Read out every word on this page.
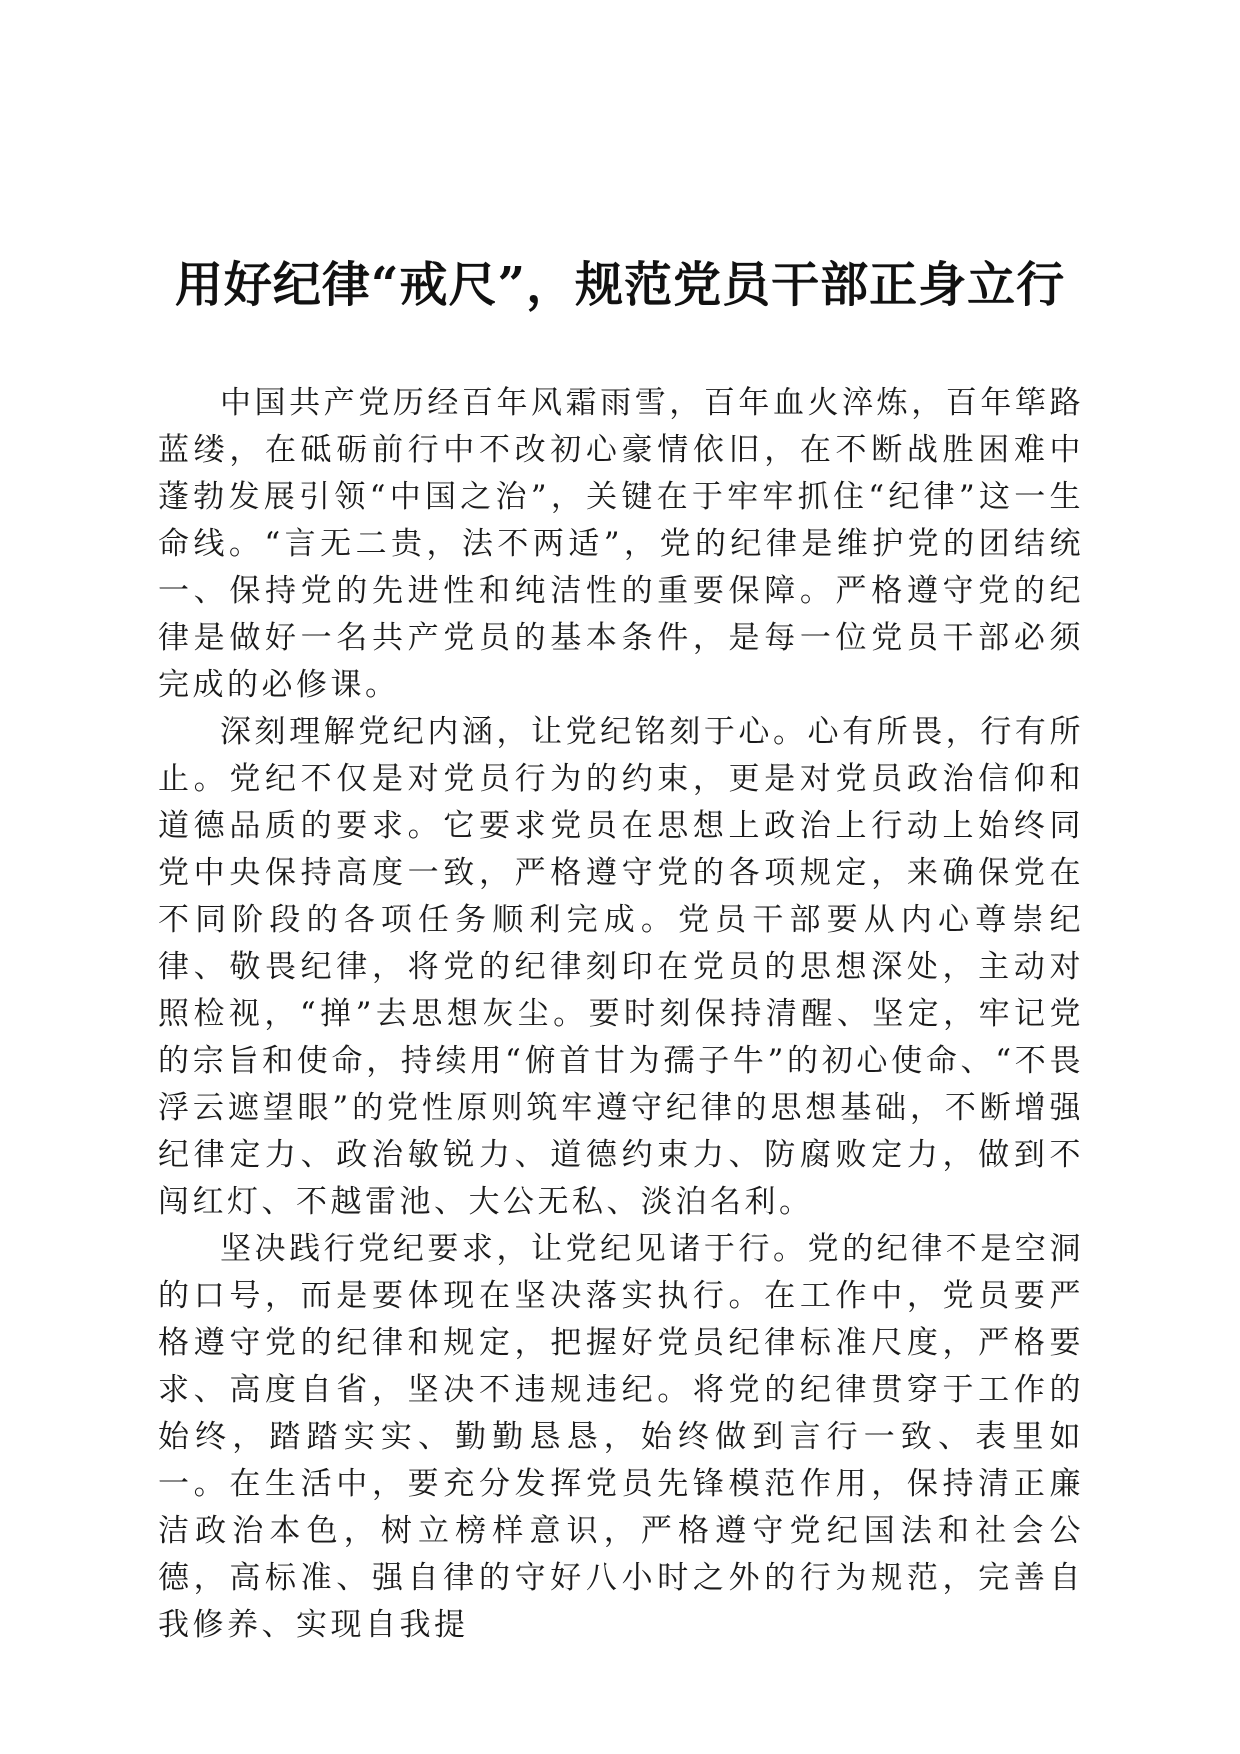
用好纪律“戒尺”，规范党员干部正身立行

中国共产党历经百年风霜雨雪，百年血火淬炼，百年筚路蓝缕，在砥砺前行中不改初心豪情依旧，在不断战胜困难中蓬勃发展引领“中国之治”，关键在于牢牢抓住“纪律”这一生命线。“言无二贵，法不两适”，党的纪律是维护党的团结统一、保持党的先进性和纯洁性的重要保障。严格遵守党的纪律是做好一名共产党员的基本条件，是每一位党员干部必须完成的必修课。

深刻理解党纪内涵，让党纪铭刻于心。心有所畏，行有所止。党纪不仅是对党员行为的约束，更是对党员政治信仰和道德品质的要求。它要求党员在思想上政治上行动上始终同党中央保持高度一致，严格遵守党的各项规定，来确保党在不同阶段的各项任务顺利完成。党员干部要从内心尊崇纪律、敬畏纪律，将党的纪律刻印在党员的思想深处，主动对照检视，“掸”去思想灰尘。要时刻保持清醒、坚定，牢记党的宗旨和使命，持续用“俯首甘为孺子牛”的初心使命、“不畏浮云遮望眼”的党性原则筑牢遵守纪律的思想基础，不断增强纪律定力、政治敏锐力、道德约束力、防腐败定力，做到不闯红灯、不越雷池、大公无私、淡泊名利。

坚决践行党纪要求，让党纪见诸于行。党的纪律不是空洞的口号，而是要体现在坚决落实执行。在工作中，党员要严格遵守党的纪律和规定，把握好党员纪律标准尺度，严格要求、高度自省，坚决不违规违纪。将党的纪律贯穿于工作的始终，踏踏实实、勤勤恳恳，始终做到言行一致、表里如一。在生活中，要充分发挥党员先锋模范作用，保持清正廉洁政治本色，树立榜样意识，严格遵守党纪国法和社会公德，高标准、强自律的守好八小时之外的行为规范，完善自我修养、实现自我提
